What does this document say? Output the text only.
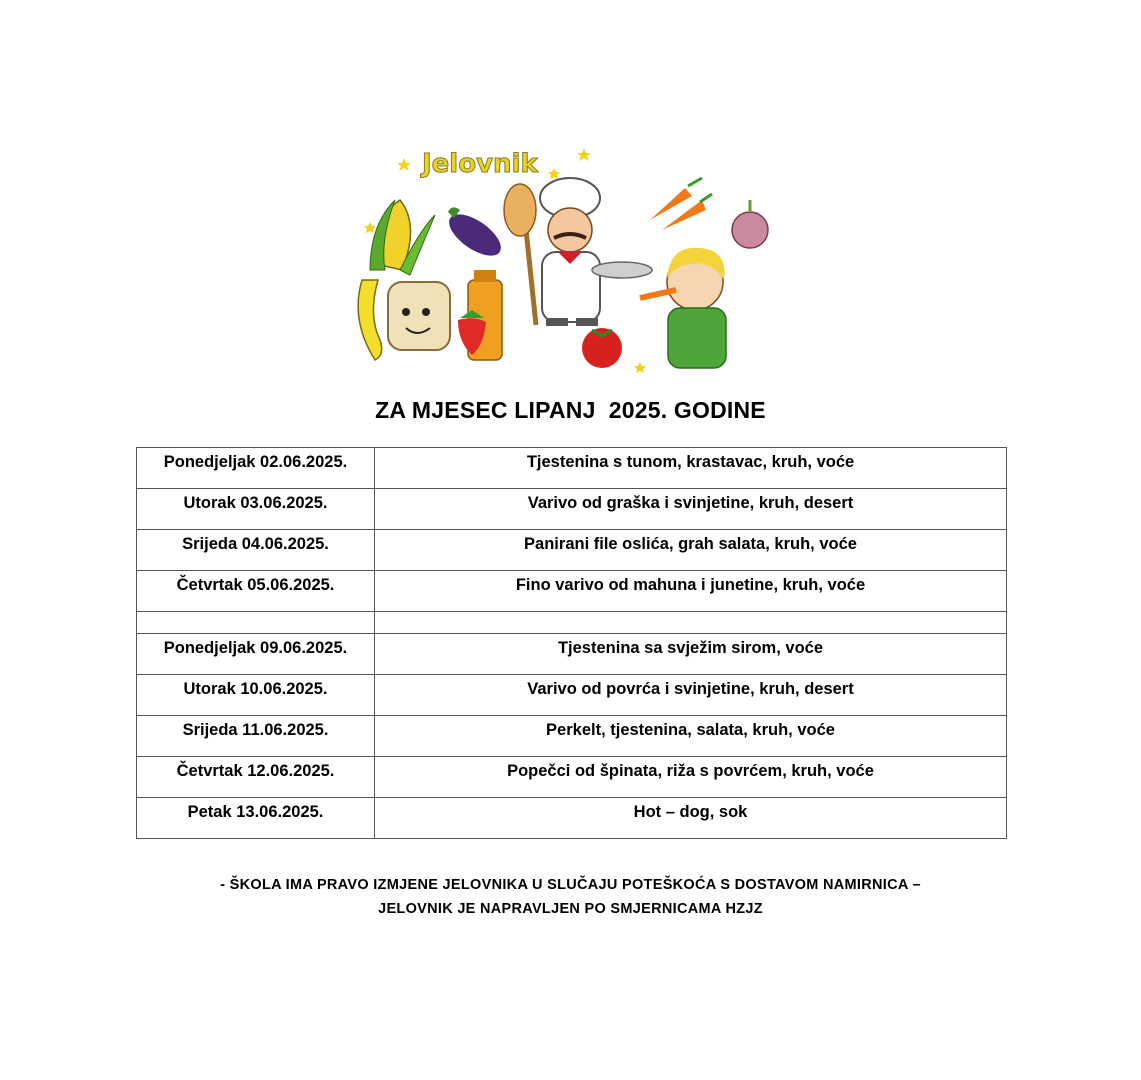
Jelovnik
ZA MJESEC LIPANJ  2025. GODINE
Ponedjeljak 02.06.2025.	Tjestenina s tunom, krastavac, kruh, voće
Utorak 03.06.2025.	Varivo od graška i svinjetine, kruh, desert
Srijeda 04.06.2025.	Panirani file oslića, grah salata, kruh, voće
Četvrtak 05.06.2025.	Fino varivo od mahuna i junetine, kruh, voće

Ponedjeljak 09.06.2025.	Tjestenina sa svježim sirom, voće
Utorak 10.06.2025.	Varivo od povrća i svinjetine, kruh, desert
Srijeda 11.06.2025.	Perkelt, tjestenina, salata, kruh, voće
Četvrtak 12.06.2025.	Popečci od špinata, riža s povrćem, kruh, voće
Petak 13.06.2025.	Hot – dog, sok
- ŠKOLA IMA PRAVO IZMJENE JELOVNIKA U SLUČAJU POTEŠKOĆA S DOSTAVOM NAMIRNICA –
JELOVNIK JE NAPRAVLJEN PO SMJERNICAMA HZJZ
